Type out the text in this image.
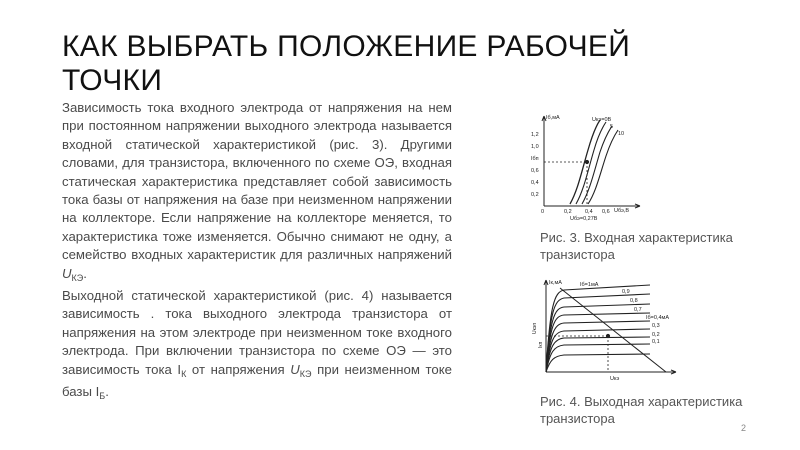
КАК ВЫБРАТЬ ПОЛОЖЕНИЕ РАБОЧЕЙ
ТОЧКИ

Зависимость тока входного электрода от напряжения на нем при постоянном напряжении выходного электрода называется входной статической характеристикой (рис. 3). Другими словами, для транзистора, включенного по схеме ОЭ, входная статическая характеристика представляет собой зависимость тока базы от напряжения на базе при неизменном напряжении на коллекторе. Если напряжение на коллекторе меняется, то характеристика тоже изменяется. Обычно снимают не одну, а семейство входных характеристик для различных напряжений $U_{КЭ}$.

Выходной статической характеристикой (рис. 4) называется зависимость . тока выходного электрода транзистора от напряжения на этом электроде при неизменном токе входного электрода. При включении транзистора по схеме ОЭ — это зависимость тока $I_К$ от напряжения $U_{КЭ}$ при неизменном токе базы $I_Б$.

Iб,мА
Uбэ,В
Uкэ=0В
5
10
1,2
1,0
Iбп
0,6
0,4
0,2
0	0,2 0,4 0,6
Uбэ=0,27В
Рис. 3. Входная характеристика транзистора
Iк,мА
Uкэ
Iб=1мА
0,9
0,8
0,7
Iб=0,4мА
0,3
0,2
0,1
Uкэп
Iкп
Рис. 4. Выходная характеристика транзистора
2
